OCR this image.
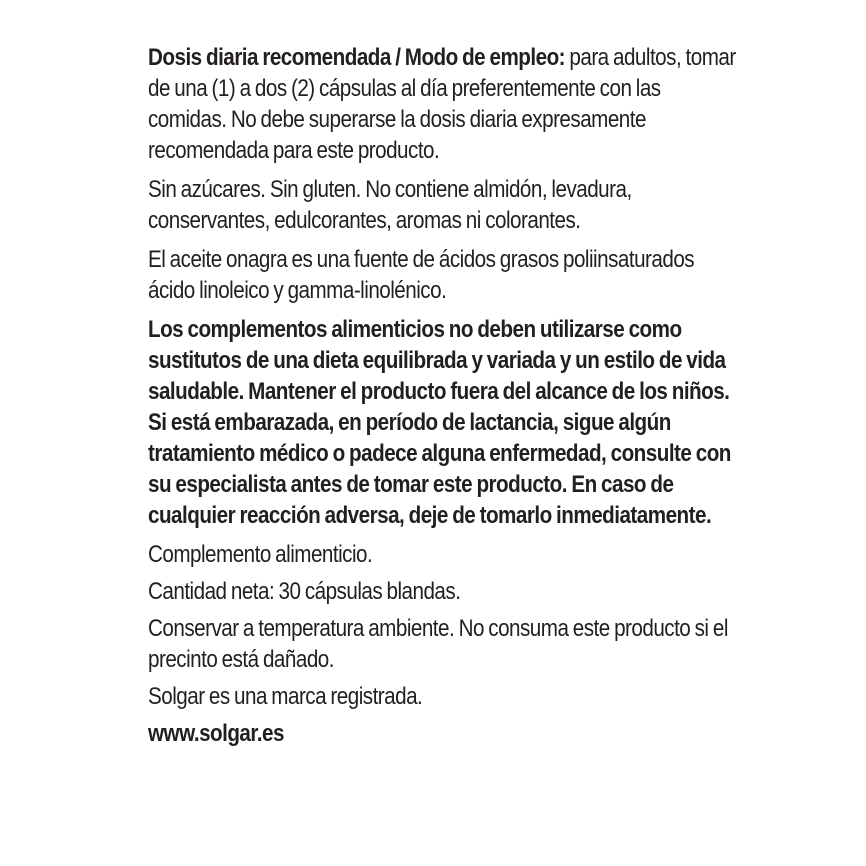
Dosis diaria recomendada / Modo de empleo: para adultos, tomar de una (1) a dos (2) cápsulas al día preferentemente con las comidas. No debe superarse la dosis diaria expresamente recomendada para este producto.

Sin azúcares. Sin gluten. No contiene almidón, levadura, conservantes, edulcorantes, aromas ni colorantes.

El aceite onagra es una fuente de ácidos grasos poliinsaturados ácido linoleico y gamma-linolénico.

Los complementos alimenticios no deben utilizarse como sustitutos de una dieta equilibrada y variada y un estilo de vida saludable. Mantener el producto fuera del alcance de los niños. Si está embarazada, en período de lactancia, sigue algún tratamiento médico o padece alguna enfermedad, consulte con su especialista antes de tomar este producto. En caso de cualquier reacción adversa, deje de tomarlo inmediatamente.

Complemento alimenticio.

Cantidad neta: 30 cápsulas blandas.

Conservar a temperatura ambiente. No consuma este producto si el precinto está dañado.

Solgar es una marca registrada.

www.solgar.es
